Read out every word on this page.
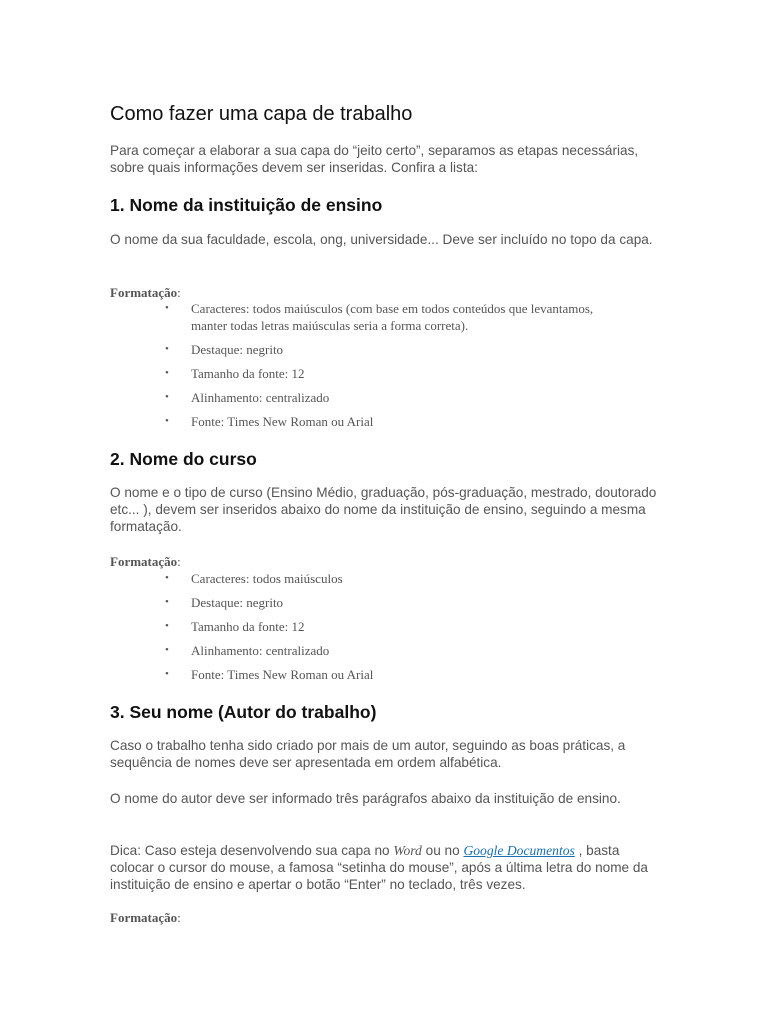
Como fazer uma capa de trabalho
Para começar a elaborar a sua capa do “jeito certo”, separamos as etapas necessárias, sobre quais informações devem ser inseridas. Confira a lista:
1. Nome da instituição de ensino
O nome da sua faculdade, escola, ong, universidade... Deve ser incluído no topo da capa.
Formatação:
• Caracteres: todos maiúsculos (com base em todos conteúdos que levantamos, manter todas letras maiúsculas seria a forma correta).
• Destaque: negrito
• Tamanho da fonte: 12
• Alinhamento: centralizado
• Fonte: Times New Roman ou Arial
2. Nome do curso
O nome e o tipo de curso (Ensino Médio, graduação, pós-graduação, mestrado, doutorado etc... ), devem ser inseridos abaixo do nome da instituição de ensino, seguindo a mesma formatação.
Formatação:
• Caracteres: todos maiúsculos
• Destaque: negrito
• Tamanho da fonte: 12
• Alinhamento: centralizado
• Fonte: Times New Roman ou Arial
3. Seu nome (Autor do trabalho)
Caso o trabalho tenha sido criado por mais de um autor, seguindo as boas práticas, a sequência de nomes deve ser apresentada em ordem alfabética.
O nome do autor deve ser informado três parágrafos abaixo da instituição de ensino.
Dica: Caso esteja desenvolvendo sua capa no Word ou no Google Documentos , basta colocar o cursor do mouse, a famosa “setinha do mouse”, após a última letra do nome da instituição de ensino e apertar o botão “Enter” no teclado, três vezes.
Formatação:
